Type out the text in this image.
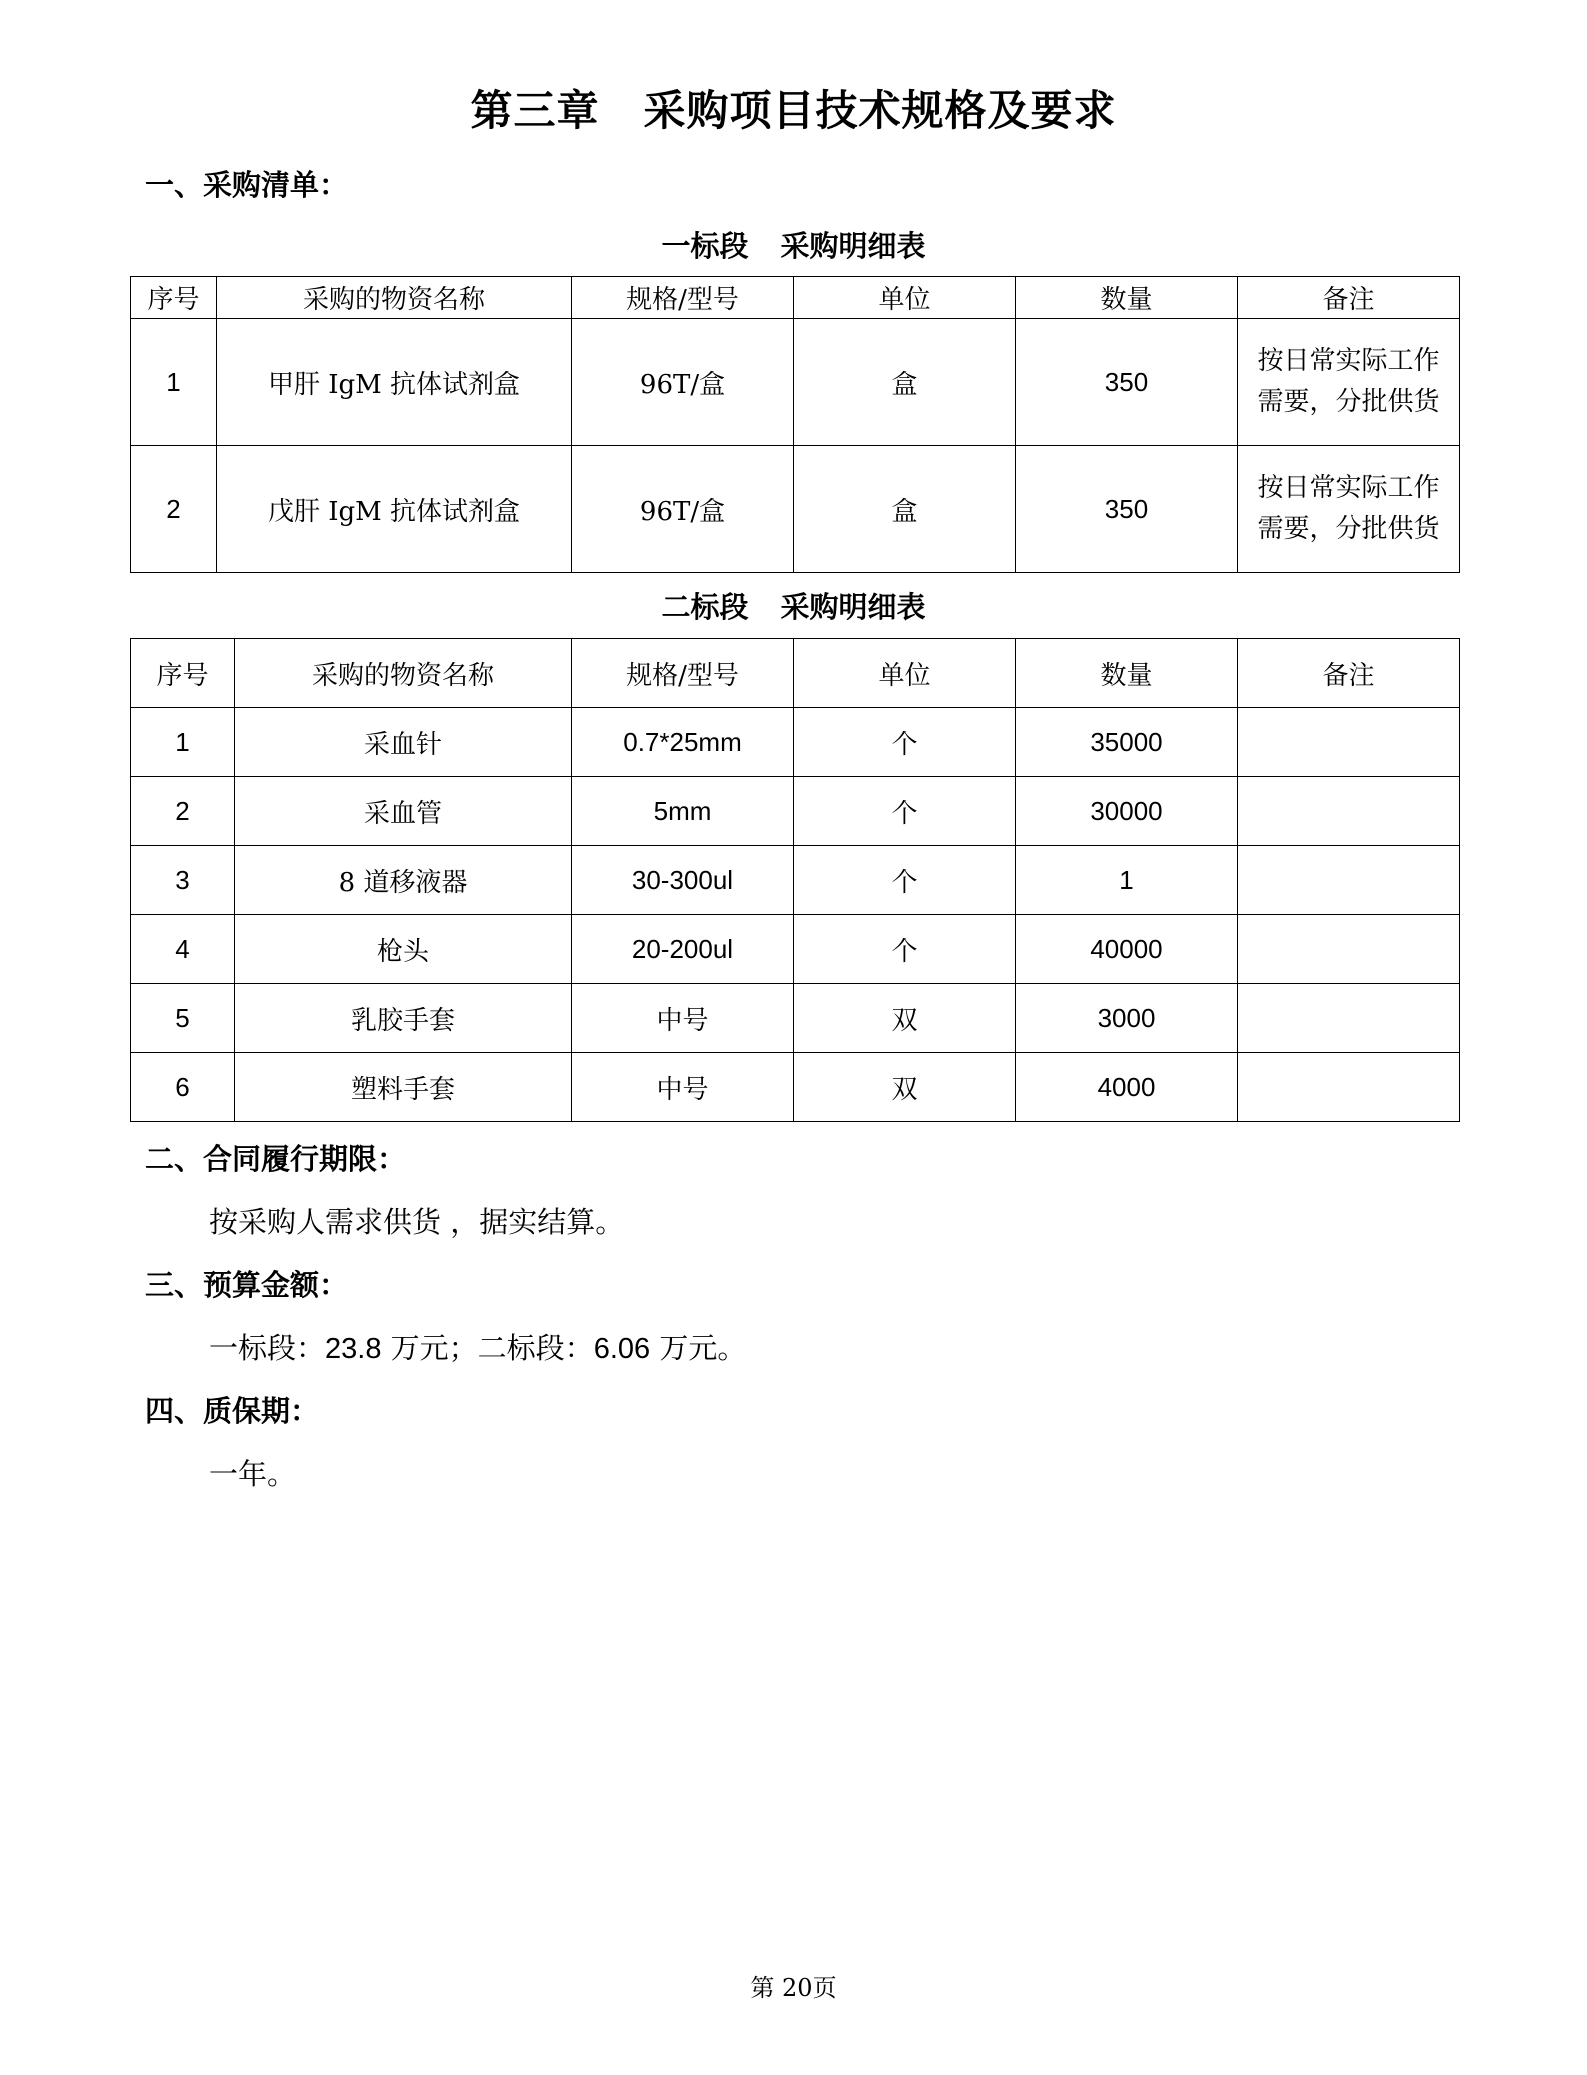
第三章 采购项目技术规格及要求
一、采购清单：
一标段 采购明细表
序号	采购的物资名称	规格/型号	单位	数量	备注
1	甲肝 IgM 抗体试剂盒	96T/盒	盒	350	按日常实际工作需要，分批供货
2	戊肝 IgM 抗体试剂盒	96T/盒	盒	350	按日常实际工作需要，分批供货
二标段 采购明细表
序号	采购的物资名称	规格/型号	单位	数量	备注
1	采血针	0.7*25mm	个	35000	
2	采血管	5mm	个	30000	
3	8 道移液器	30-300ul	个	1	
4	枪头	20-200ul	个	40000	
5	乳胶手套	中号	双	3000	
6	塑料手套	中号	双	4000	
二、合同履行期限：
按采购人需求供货 ，据实结算。
三、预算金额：
一标段：23.8 万元；二标段：6.06 万元。
四、质保期：
一年。
第 20页
